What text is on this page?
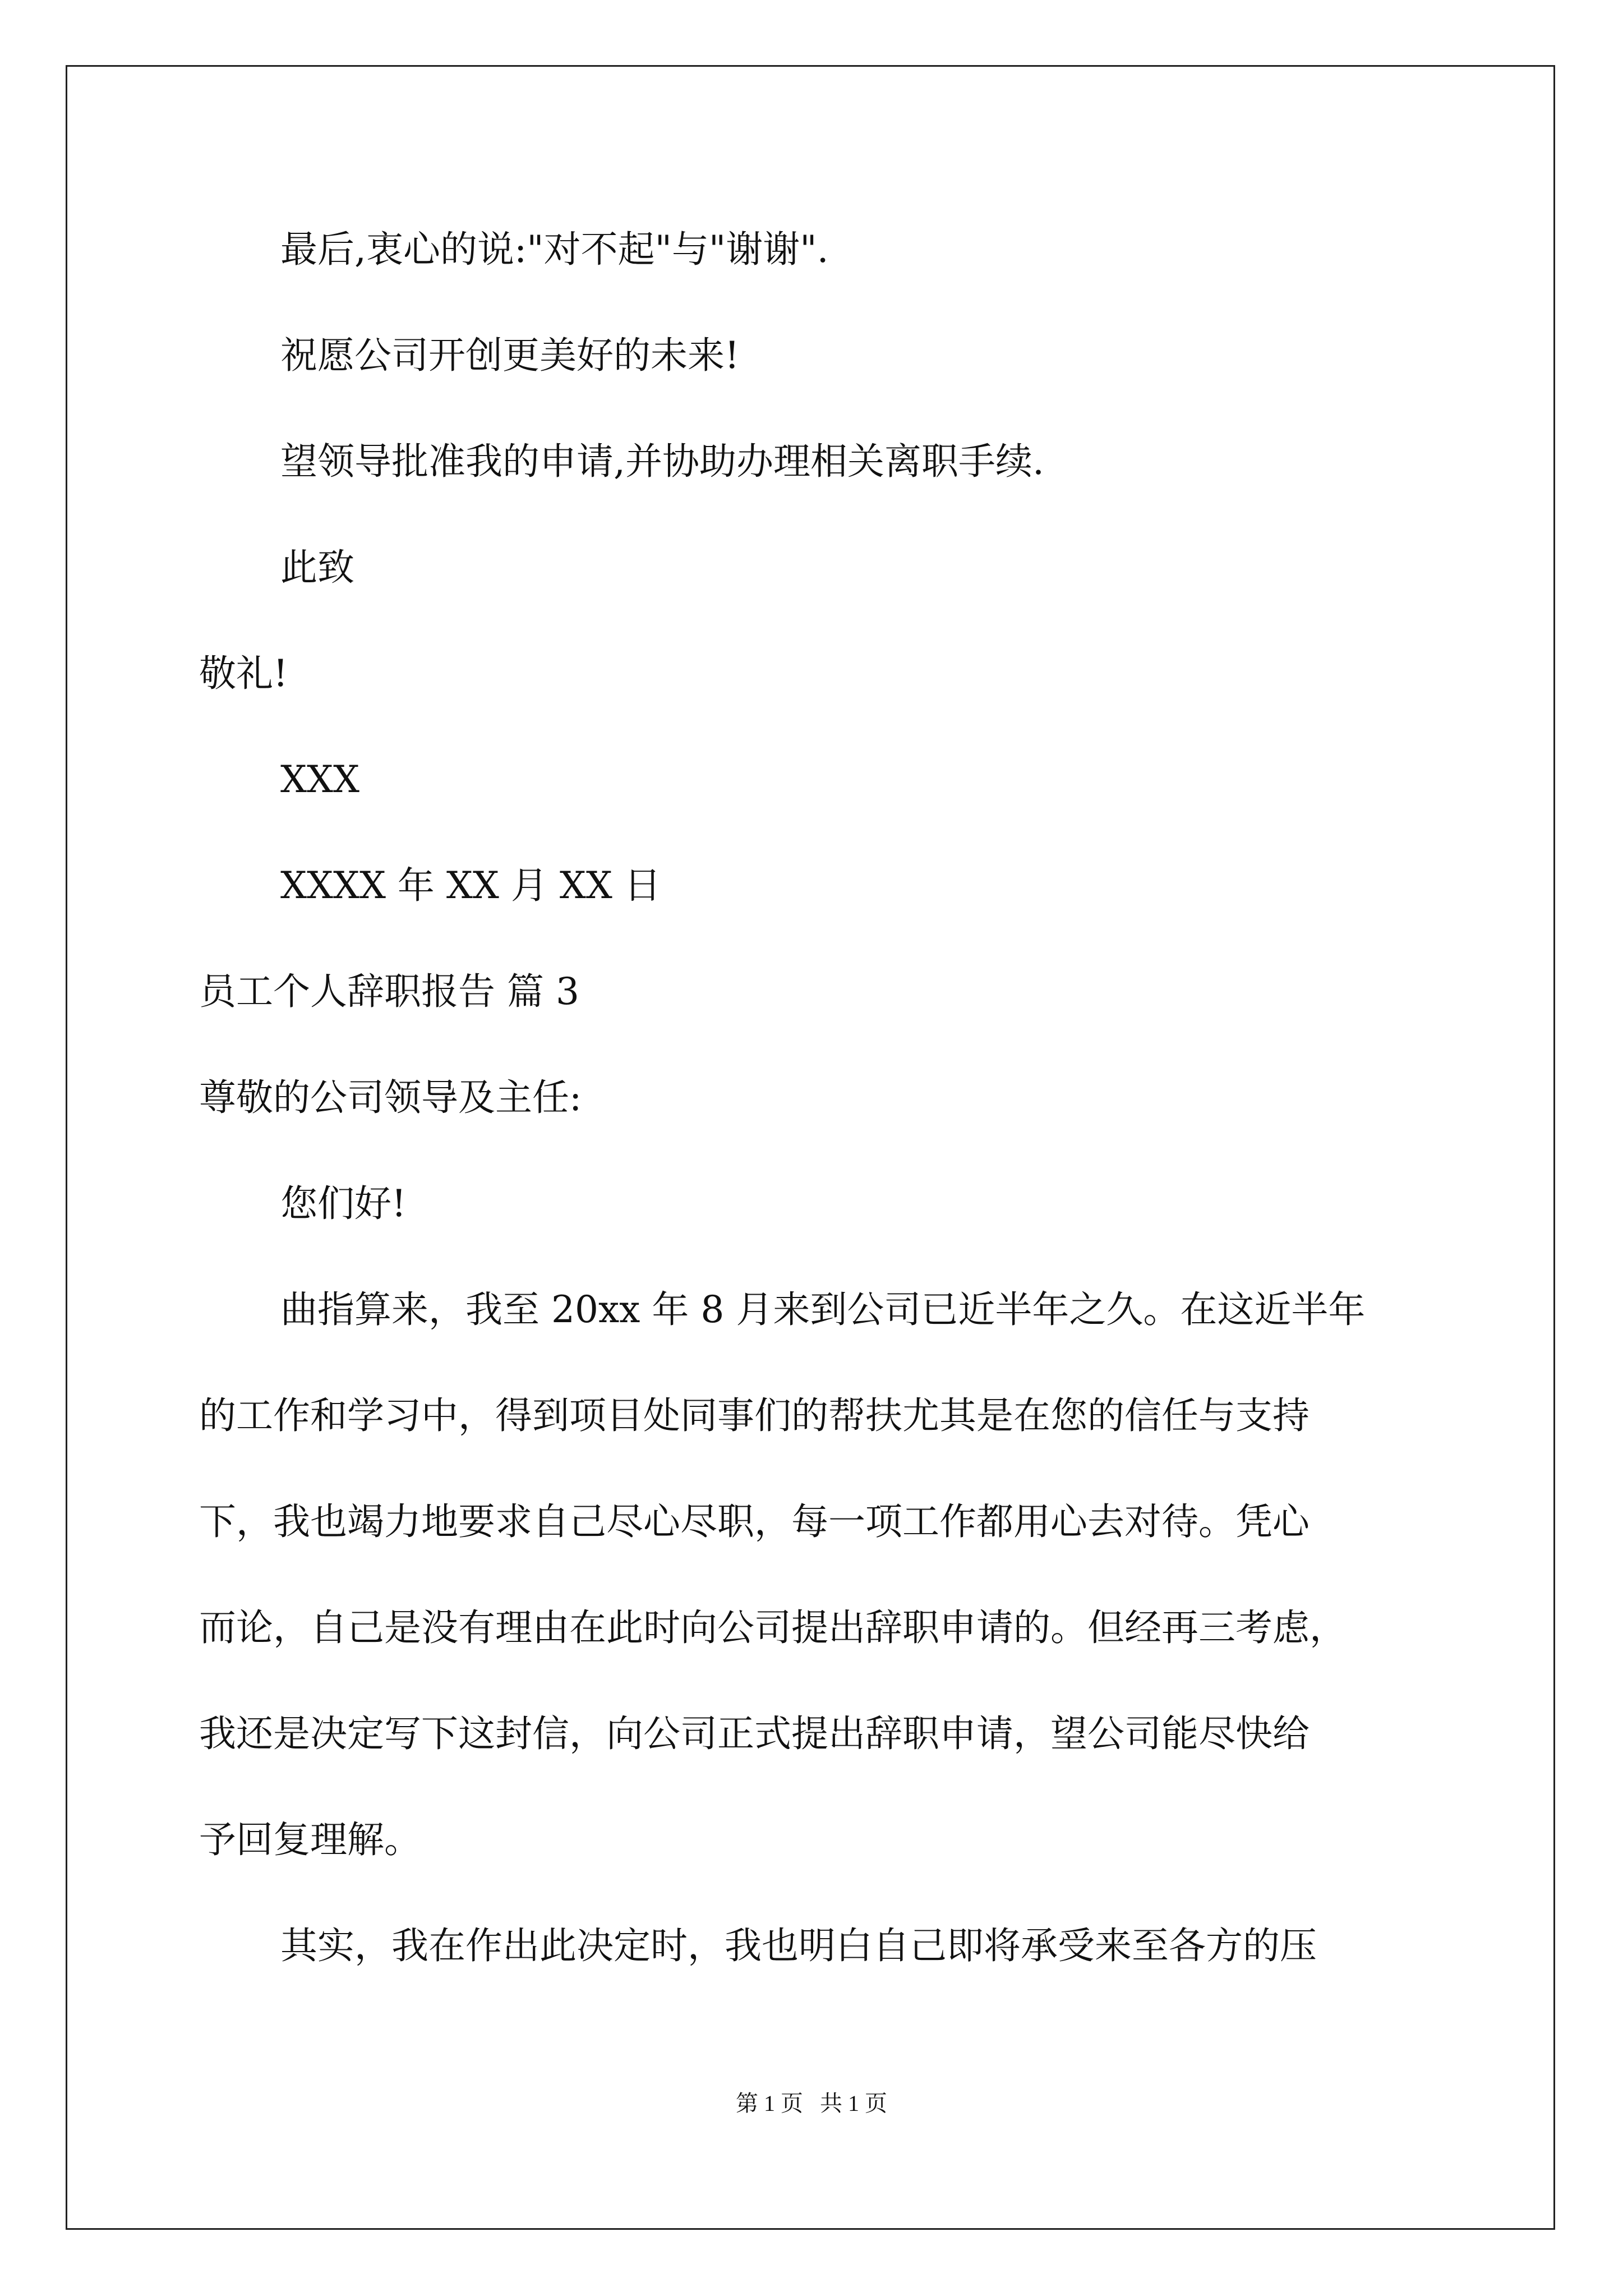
最后,衷心的说:"对不起"与"谢谢".
祝愿公司开创更美好的未来!
望领导批准我的申请,并协助办理相关离职手续.
此致
敬礼!
XXX
XXXX 年 XX 月 XX 日
员工个人辞职报告 篇 3
尊敬的公司领导及主任:
您们好!
曲指算来，我至 20xx 年 8 月来到公司已近半年之久。在这近半年
的工作和学习中，得到项目处同事们的帮扶尤其是在您的信任与支持
下，我也竭力地要求自己尽心尽职，每一项工作都用心去对待。凭心
而论，自己是没有理由在此时向公司提出辞职申请的。但经再三考虑，
我还是决定写下这封信，向公司正式提出辞职申请，望公司能尽快给
予回复理解。
其实，我在作出此决定时，我也明白自己即将承受来至各方的压
第 1 页   共 1 页
